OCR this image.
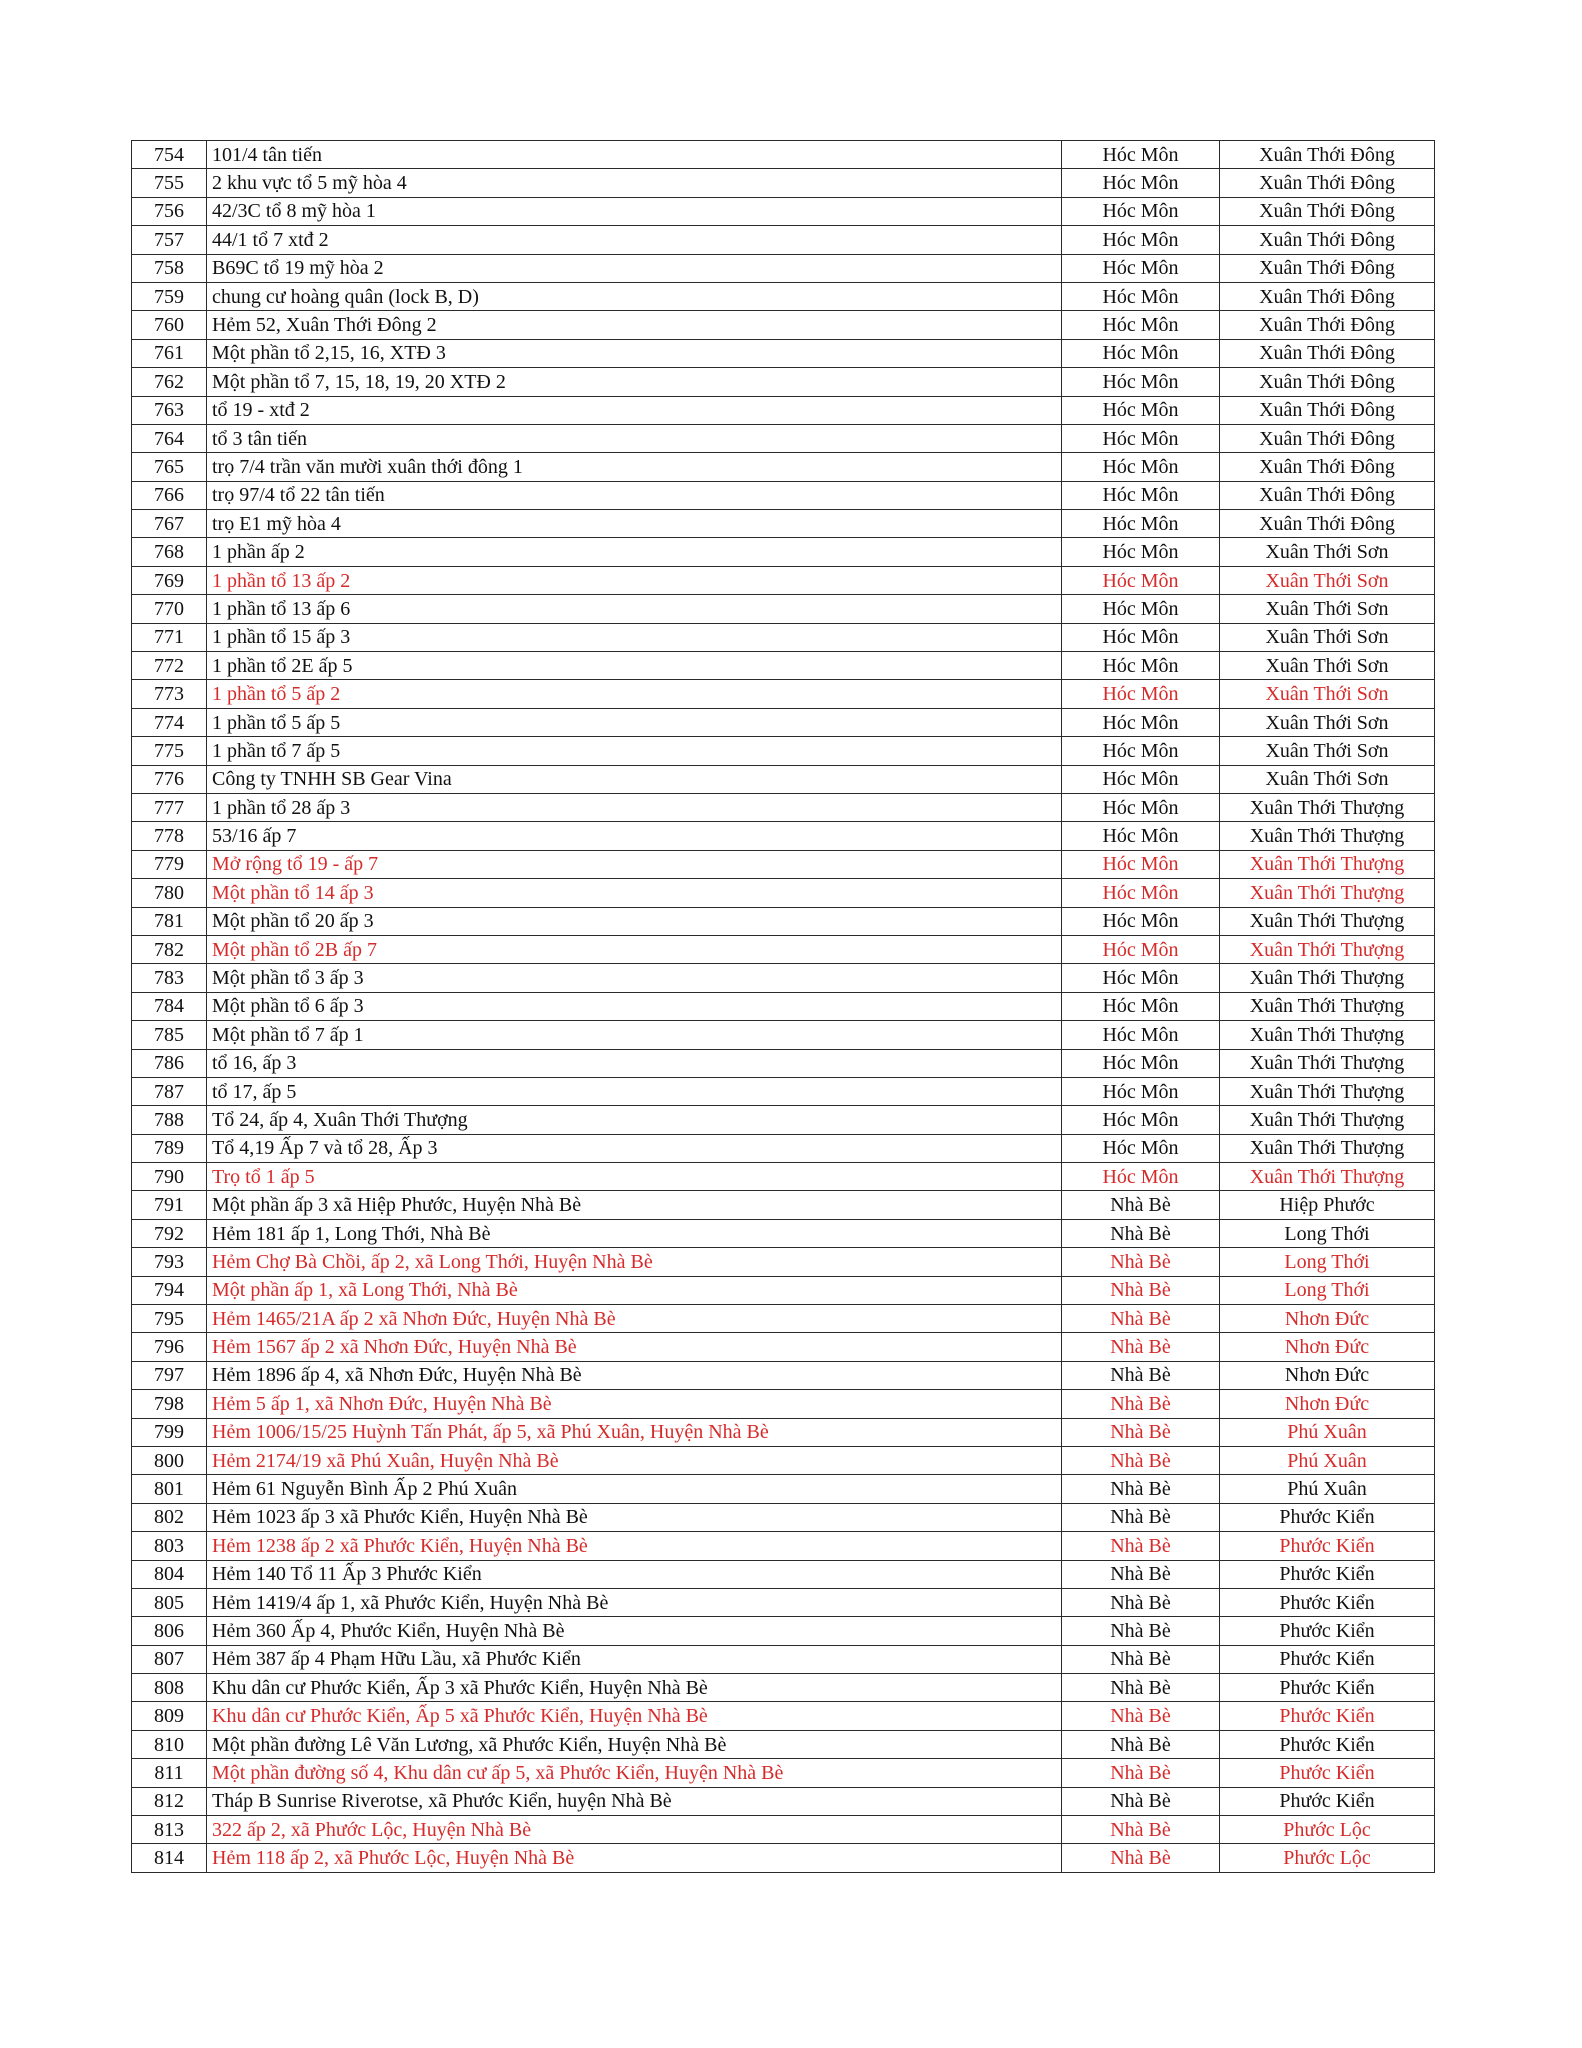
754	101/4 tân tiến	Hóc Môn	Xuân Thới Đông
755	2 khu vực tổ 5 mỹ hòa 4	Hóc Môn	Xuân Thới Đông
756	42/3C tổ 8 mỹ hòa 1	Hóc Môn	Xuân Thới Đông
757	44/1 tổ 7 xtđ 2	Hóc Môn	Xuân Thới Đông
758	B69C tổ 19 mỹ hòa 2	Hóc Môn	Xuân Thới Đông
759	chung cư hoàng quân (lock B, D)	Hóc Môn	Xuân Thới Đông
760	Hẻm 52, Xuân Thới Đông 2	Hóc Môn	Xuân Thới Đông
761	Một phần tổ 2,15, 16, XTĐ 3	Hóc Môn	Xuân Thới Đông
762	Một phần tổ 7, 15, 18, 19, 20 XTĐ 2	Hóc Môn	Xuân Thới Đông
763	tổ 19 - xtđ 2	Hóc Môn	Xuân Thới Đông
764	tổ 3 tân tiến	Hóc Môn	Xuân Thới Đông
765	trọ 7/4 trần văn mười xuân thới đông 1	Hóc Môn	Xuân Thới Đông
766	trọ 97/4 tổ 22 tân tiến	Hóc Môn	Xuân Thới Đông
767	trọ E1 mỹ hòa 4	Hóc Môn	Xuân Thới Đông
768	1 phần ấp 2	Hóc Môn	Xuân Thới Sơn
769	1 phần tổ 13 ấp 2	Hóc Môn	Xuân Thới Sơn
770	1 phần tổ 13 ấp 6	Hóc Môn	Xuân Thới Sơn
771	1 phần tổ 15 ấp 3	Hóc Môn	Xuân Thới Sơn
772	1 phần tổ 2E ấp 5	Hóc Môn	Xuân Thới Sơn
773	1 phần tổ 5 ấp 2	Hóc Môn	Xuân Thới Sơn
774	1 phần tổ 5 ấp 5	Hóc Môn	Xuân Thới Sơn
775	1 phần tổ 7 ấp 5	Hóc Môn	Xuân Thới Sơn
776	Công ty TNHH SB Gear Vina	Hóc Môn	Xuân Thới Sơn
777	1 phần tổ 28 ấp 3	Hóc Môn	Xuân Thới Thượng
778	53/16 ấp 7	Hóc Môn	Xuân Thới Thượng
779	Mở rộng tổ 19 - ấp 7	Hóc Môn	Xuân Thới Thượng
780	Một phần tổ 14 ấp 3	Hóc Môn	Xuân Thới Thượng
781	Một phần tổ 20 ấp 3	Hóc Môn	Xuân Thới Thượng
782	Một phần tổ 2B ấp 7	Hóc Môn	Xuân Thới Thượng
783	Một phần tổ 3 ấp 3	Hóc Môn	Xuân Thới Thượng
784	Một phần tổ 6 ấp 3	Hóc Môn	Xuân Thới Thượng
785	Một phần tổ 7 ấp 1	Hóc Môn	Xuân Thới Thượng
786	tổ 16, ấp 3	Hóc Môn	Xuân Thới Thượng
787	tổ 17, ấp 5	Hóc Môn	Xuân Thới Thượng
788	Tổ 24, ấp 4, Xuân Thới Thượng	Hóc Môn	Xuân Thới Thượng
789	Tổ 4,19 Ấp 7 và tổ 28, Ấp 3	Hóc Môn	Xuân Thới Thượng
790	Trọ tổ 1 ấp 5	Hóc Môn	Xuân Thới Thượng
791	Một phần ấp 3 xã Hiệp Phước, Huyện Nhà Bè	Nhà Bè	Hiệp Phước
792	Hẻm 181 ấp 1, Long Thới, Nhà Bè	Nhà Bè	Long Thới
793	Hẻm Chợ Bà Chồi, ấp 2, xã Long Thới, Huyện Nhà Bè	Nhà Bè	Long Thới
794	Một phần ấp 1, xã Long Thới, Nhà Bè	Nhà Bè	Long Thới
795	Hẻm 1465/21A ấp 2 xã Nhơn Đức, Huyện Nhà Bè	Nhà Bè	Nhơn Đức
796	Hẻm 1567 ấp 2 xã Nhơn Đức, Huyện Nhà Bè	Nhà Bè	Nhơn Đức
797	Hẻm 1896 ấp 4, xã Nhơn Đức, Huyện Nhà Bè	Nhà Bè	Nhơn Đức
798	Hẻm 5 ấp 1, xã Nhơn Đức, Huyện Nhà Bè	Nhà Bè	Nhơn Đức
799	Hẻm 1006/15/25 Huỳnh Tấn Phát, ấp 5, xã Phú Xuân, Huyện Nhà Bè	Nhà Bè	Phú Xuân
800	Hẻm 2174/19 xã Phú Xuân, Huyện Nhà Bè	Nhà Bè	Phú Xuân
801	Hẻm 61 Nguyễn Bình Ấp 2 Phú Xuân	Nhà Bè	Phú Xuân
802	Hẻm 1023 ấp 3 xã Phước Kiển, Huyện Nhà Bè	Nhà Bè	Phước Kiển
803	Hẻm 1238 ấp 2 xã Phước Kiển, Huyện Nhà Bè	Nhà Bè	Phước Kiển
804	Hẻm 140 Tổ 11 Ấp 3 Phước Kiển	Nhà Bè	Phước Kiển
805	Hẻm 1419/4 ấp 1, xã Phước Kiển, Huyện Nhà Bè	Nhà Bè	Phước Kiển
806	Hẻm 360 Ấp 4, Phước Kiển, Huyện Nhà Bè	Nhà Bè	Phước Kiển
807	Hẻm 387 ấp 4 Phạm Hữu Lầu, xã Phước Kiển	Nhà Bè	Phước Kiển
808	Khu dân cư Phước Kiển, Ấp 3 xã Phước Kiển, Huyện Nhà Bè	Nhà Bè	Phước Kiển
809	Khu dân cư Phước Kiển, Ấp 5 xã Phước Kiển, Huyện Nhà Bè	Nhà Bè	Phước Kiển
810	Một phần đường Lê Văn Lương, xã Phước Kiển, Huyện Nhà Bè	Nhà Bè	Phước Kiển
811	Một phần đường số 4, Khu dân cư ấp 5, xã Phước Kiển, Huyện Nhà Bè	Nhà Bè	Phước Kiển
812	Tháp B Sunrise Riverotse, xã Phước Kiển, huyện Nhà Bè	Nhà Bè	Phước Kiển
813	322 ấp 2, xã Phước Lộc, Huyện Nhà Bè	Nhà Bè	Phước Lộc
814	Hẻm 118 ấp 2, xã Phước Lộc, Huyện Nhà Bè	Nhà Bè	Phước Lộc
